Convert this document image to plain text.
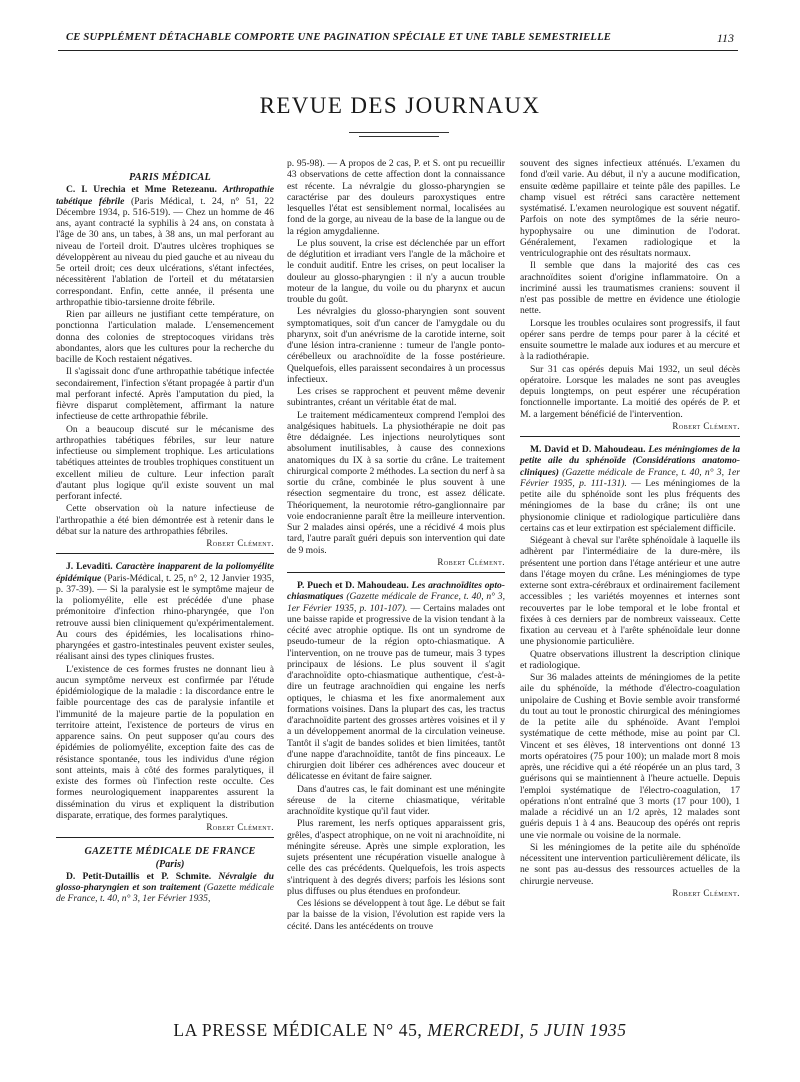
CE SUPPLÉMENT DÉTACHABLE COMPORTE UNE PAGINATION SPÉCIALE ET UNE TABLE SEMESTRIELLE	113
REVUE DES JOURNAUX

PARIS MÉDICAL

C. I. Urechia et Mme Retezeanu. Arthropathie tabétique fébrile (Paris Médical, t. 24, n° 51, 22 Décembre 1934, p. 516-519). — Chez un homme de 46 ans, ayant contracté la syphilis à 24 ans, on constata à l'âge de 30 ans, un tabes, à 38 ans, un mal perforant au niveau de l'orteil droit. D'autres ulcères trophiques se développèrent au niveau du pied gauche et au niveau du 5e orteil droit; ces deux ulcérations, s'étant infectées, nécessitèrent l'ablation de l'orteil et du métatarsien correspondant. Enfin, cette année, il présenta une arthropathie tibio-tarsienne droite fébrile.

Rien par ailleurs ne justifiant cette température, on ponctionna l'articulation malade. L'ensemencement donna des colonies de streptocoques viridans très abondantes, alors que les cultures pour la recherche du bacille de Koch restaient négatives.

Il s'agissait donc d'une arthropathie tabétique infectée secondairement, l'infection s'étant propagée à partir d'un mal perforant infecté. Après l'amputation du pied, la fièvre disparut complètement, affirmant la nature infectieuse de cette arthropathie fébrile.

On a beaucoup discuté sur le mécanisme des arthropathies tabétiques fébriles, sur leur nature infectieuse ou simplement trophique. Les articulations tabétiques atteintes de troubles trophiques constituent un excellent milieu de culture. Leur infection paraît d'autant plus logique qu'il existe souvent un mal perforant infecté.

Cette observation où la nature infectieuse de l'arthropathie a été bien démontrée est à retenir dans le débat sur la nature des arthropathies fébriles.

Robert Clément.

J. Levaditi. Caractère inapparent de la poliomyélite épidémique (Paris-Médical, t. 25, n° 2, 12 Janvier 1935, p. 37-39). — Si la paralysie est le symptôme majeur de la poliomyélite, elle est précédée d'une phase prémonitoire d'infection rhino-pharyngée, que l'on retrouve aussi bien cliniquement qu'expérimentalement. Au cours des épidémies, les localisations rhino-pharyngées et gastro-intestinales peuvent exister seules, réalisant ainsi des types cliniques frustes.

L'existence de ces formes frustes ne donnant lieu à aucun symptôme nerveux est confirmée par l'étude épidémiologique de la maladie : la discordance entre le faible pourcentage des cas de paralysie infantile et l'immunité de la majeure partie de la population en territoire atteint, l'existence de porteurs de virus en apparence sains. On peut supposer qu'au cours des épidémies de poliomyélite, exception faite des cas de résistance spontanée, tous les individus d'une région sont atteints, mais à côté des formes paralytiques, il existe des formes où l'infection reste occulte. Ces formes neurologiquement inapparentes assurent la dissémination du virus et expliquent la distribution disparate, erratique, des formes paralytiques.

Robert Clément.

GAZETTE MÉDICALE DE FRANCE

(Paris)

D. Petit-Dutaillis et P. Schmite. Névralgie du glosso-pharyngien et son traitement (Gazette médicale de France, t. 40, n° 3, 1er Février 1935,

p. 95-98). — A propos de 2 cas, P. et S. ont pu recueillir 43 observations de cette affection dont la connaissance est récente. La névralgie du glosso-pharyngien se caractérise par des douleurs paroxystiques entre lesquelles l'état est sensiblement normal, localisées au fond de la gorge, au niveau de la base de la langue ou de la région amygdalienne.

Le plus souvent, la crise est déclenchée par un effort de déglutition et irradiant vers l'angle de la mâchoire et le conduit auditif. Entre les crises, on peut localiser la douleur au glosso-pharyngien : il n'y a aucun trouble moteur de la langue, du voile ou du pharynx et aucun trouble du goût.

Les névralgies du glosso-pharyngien sont souvent symptomatiques, soit d'un cancer de l'amygdale ou du pharynx, soit d'un anévrisme de la carotide interne, soit d'une lésion intra-cranienne : tumeur de l'angle ponto-cérébelleux ou arachnoïdite de la fosse postérieure. Quelquefois, elles paraissent secondaires à un processus infectieux.

Les crises se rapprochent et peuvent même devenir subintrantes, créant un véritable état de mal.

Le traitement médicamenteux comprend l'emploi des analgésiques habituels. La physiothérapie ne doit pas être dédaignée. Les injections neurolytiques sont absolument inutilisables, à cause des connexions anatomiques du IX à sa sortie du crâne. Le traitement chirurgical comporte 2 méthodes. La section du nerf à sa sortie du crâne, combinée le plus souvent à une résection segmentaire du tronc, est assez délicate. Théoriquement, la neurotomie rétro-ganglionnaire par voie endocranienne paraît être la meilleure intervention. Sur 2 malades ainsi opérés, une a récidivé 4 mois plus tard, l'autre paraît guéri depuis son intervention qui date de 9 mois.

Robert Clément.

P. Puech et D. Mahoudeau. Les arachnoïdites opto-chiasmatiques (Gazette médicale de France, t. 40, n° 3, 1er Février 1935, p. 101-107). — Certains malades ont une baisse rapide et progressive de la vision tendant à la cécité avec atrophie optique. Ils ont un syndrome de pseudo-tumeur de la région opto-chiasmatique. A l'intervention, on ne trouve pas de tumeur, mais 3 types principaux de lésions. Le plus souvent il s'agit d'arachnoïdite opto-chiasmatique authentique, c'est-à-dire un feutrage arachnoïdien qui engaine les nerfs optiques, le chiasma et les fixe anormalement aux formations voisines. Dans la plupart des cas, les tractus d'arachnoïdite partent des grosses artères voisines et il y a un développement anormal de la circulation veineuse. Tantôt il s'agit de bandes solides et bien limitées, tantôt d'une nappe d'arachnoïdite, tantôt de fins pinceaux. Le chirurgien doit libérer ces adhérences avec douceur et délicatesse en évitant de faire saigner.

Dans d'autres cas, le fait dominant est une méningite séreuse de la citerne chiasmatique, véritable arachnoïdite kystique qu'il faut vider.

Plus rarement, les nerfs optiques apparaissent gris, grêles, d'aspect atrophique, on ne voit ni arachnoïdite, ni méningite séreuse. Après une simple exploration, les sujets présentent une récupération visuelle analogue à celle des cas précédents. Quelquefois, les trois aspects s'intriquent à des degrés divers; parfois les lésions sont plus diffuses ou plus étendues en profondeur.

Ces lésions se développent à tout âge. Le début se fait par la baisse de la vision, l'évolution est rapide vers la cécité. Dans les antécédents on trouve

souvent des signes infectieux atténués. L'examen du fond d'œil varie. Au début, il n'y a aucune modification, ensuite œdème papillaire et teinte pâle des papilles. Le champ visuel est rétréci sans caractère nettement systématisé. L'examen neurologique est souvent négatif. Parfois on note des symptômes de la série neuro-hypophysaire ou une diminution de l'odorat. Généralement, l'examen radiologique et la ventriculographie ont des résultats normaux.

Il semble que dans la majorité des cas ces arachnoïdites soient d'origine inflammatoire. On a incriminé aussi les traumatismes craniens: souvent il n'est pas possible de mettre en évidence une étiologie nette.

Lorsque les troubles oculaires sont progressifs, il faut opérer sans perdre de temps pour parer à la cécité et ensuite soumettre le malade aux iodures et au mercure et à la radiothérapie.

Sur 31 cas opérés depuis Mai 1932, un seul décès opératoire. Lorsque les malades ne sont pas aveugles depuis longtemps, on peut espérer une récupération fonctionnelle importante. La moitié des opérés de P. et M. a largement bénéficié de l'intervention.

Robert Clément.

M. David et D. Mahoudeau. Les méningiomes de la petite aile du sphénoïde (Considérations anatomo-cliniques) (Gazette médicale de France, t. 40, n° 3, 1er Février 1935, p. 111-131). — Les méningiomes de la petite aile du sphénoïde sont les plus fréquents des méningiomes de la base du crâne; ils ont une physionomie clinique et radiologique particulière dans certains cas et leur extirpation est spécialement difficile.

Siégeant à cheval sur l'arête sphénoïdale à laquelle ils adhèrent par l'intermédiaire de la dure-mère, ils présentent une portion dans l'étage antérieur et une autre dans l'étage moyen du crâne. Les méningiomes de type externe sont extra-cérébraux et ordinairement facilement accessibles ; les variétés moyennes et internes sont recouvertes par le lobe temporal et le lobe frontal et fixées à ces derniers par de nombreux vaisseaux. Cette fixation au cerveau et à l'arête sphénoïdale leur donne une physionomie particulière.

Quatre observations illustrent la description clinique et radiologique.

Sur 36 malades atteints de méningiomes de la petite aile du sphénoïde, la méthode d'électro-coagulation unipolaire de Cushing et Bovie semble avoir transformé du tout au tout le pronostic chirurgical des méningiomes de la petite aile du sphénoïde. Avant l'emploi systématique de cette méthode, mise au point par Cl. Vincent et ses élèves, 18 interventions ont donné 13 morts opératoires (75 pour 100); un malade mort 8 mois après, une récidive qui a été réopérée un an plus tard, 3 guérisons qui se maintiennent à l'heure actuelle. Depuis l'emploi systématique de l'électro-coagulation, 17 opérations n'ont entraîné que 3 morts (17 pour 100), 1 malade a récidivé un an 1/2 après, 12 malades sont guéris depuis 1 à 4 ans. Beaucoup des opérés ont repris une vie normale ou voisine de la normale.

Si les méningiomes de la petite aile du sphénoïde nécessitent une intervention particulièrement délicate, ils ne sont pas au-dessus des ressources actuelles de la chirurgie nerveuse.

Robert Clément.

LA PRESSE MÉDICALE N° 45, MERCREDI, 5 JUIN 1935
